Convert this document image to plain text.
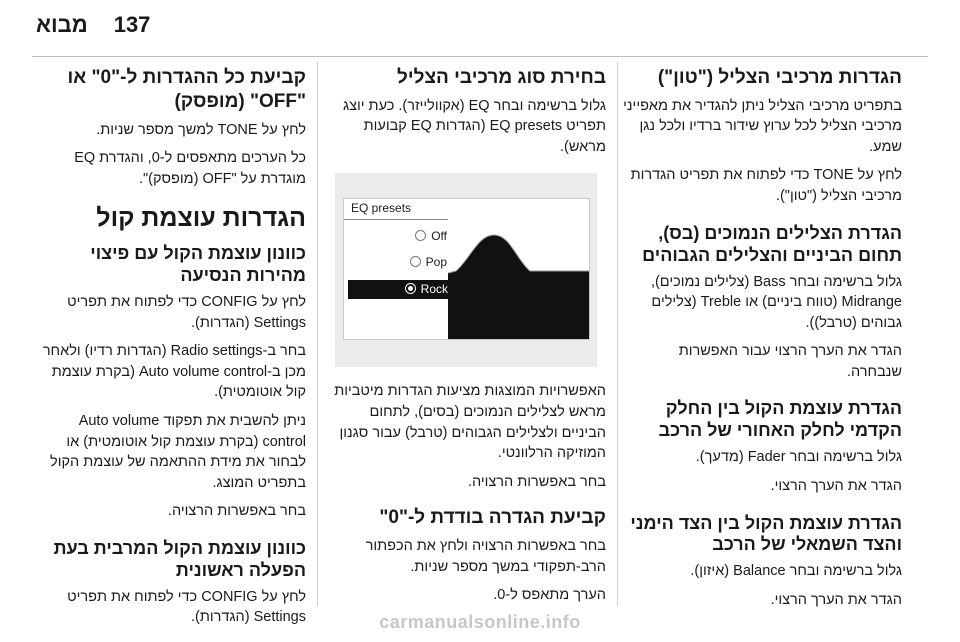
137מבוא
הגדרות מרכיבי הצליל ("טון")

בתפריט מרכיבי הצליל ניתן להגדיר את מאפייני מרכיבי הצליל לכל ערוץ שידור ברדיו ולכל נגן שמע.

לחץ על TONE כדי לפתוח את תפריט הגדרות מרכיבי הצליל ("טון").

הגדרת הצלילים הנמוכים (בס), תחום הביניים והצלילים הגבוהים

גלול ברשימה ובחר Bass (צלילים נמוכים), Midrange (טווח ביניים) או Treble (צלילים גבוהים (טרבל)).

הגדר את הערך הרצוי עבור האפשרות שנבחרה.

הגדרת עוצמת הקול בין החלק הקדמי לחלק האחורי של הרכב

גלול ברשימה ובחר Fader (מדעך).

הגדר את הערך הרצוי.

הגדרת עוצמת הקול בין הצד הימני והצד השמאלי של הרכב

גלול ברשימה ובחר Balance (איזון).

הגדר את הערך הרצוי.

בחירת סוג מרכיבי הצליל

גלול ברשימה ובחר EQ (אקוולייזר). כעת יוצג תפריט EQ presets (הגדרות EQ קבועות מראש).

EQ presets
Off
Pop
Rock

האפשרויות המוצגות מציעות הגדרות מיטביות מראש לצלילים הנמוכים (בסים), לתחום הביניים ולצלילים הגבוהים (טרבל) עבור סגנון המוזיקה הרלוונטי.

בחר באפשרות הרצויה.

קביעת הגדרה בודדת ל-"0"

בחר באפשרות הרצויה ולחץ את הכפתור הרב-תפקודי במשך מספר שניות.

הערך מתאפס ל-0.

קביעת כל ההגדרות ל-"0" או "OFF" (מופסק)

לחץ על TONE למשך מספר שניות.

כל הערכים מתאפסים ל-0, והגדרת EQ מוגדרת על "OFF (מופסק)".

הגדרות עוצמת קול
כוונון עוצמת הקול עם פיצוי מהירות הנסיעה

לחץ על CONFIG כדי לפתוח את תפריט Settings (הגדרות).

בחר ב-Radio settings (הגדרות רדיו) ולאחר מכן ב-Auto volume control (בקרת עוצמת קול אוטומטית).

ניתן להשבית את תפקוד Auto volume control (בקרת עוצמת קול אוטומטית) או לבחור את מידת ההתאמה של עוצמת הקול בתפריט המוצג.

בחר באפשרות הרצויה.

כוונון עוצמת הקול המרבית בעת הפעלה ראשונית

לחץ על CONFIG כדי לפתוח את תפריט Settings (הגדרות).	carmanualsonline.info
